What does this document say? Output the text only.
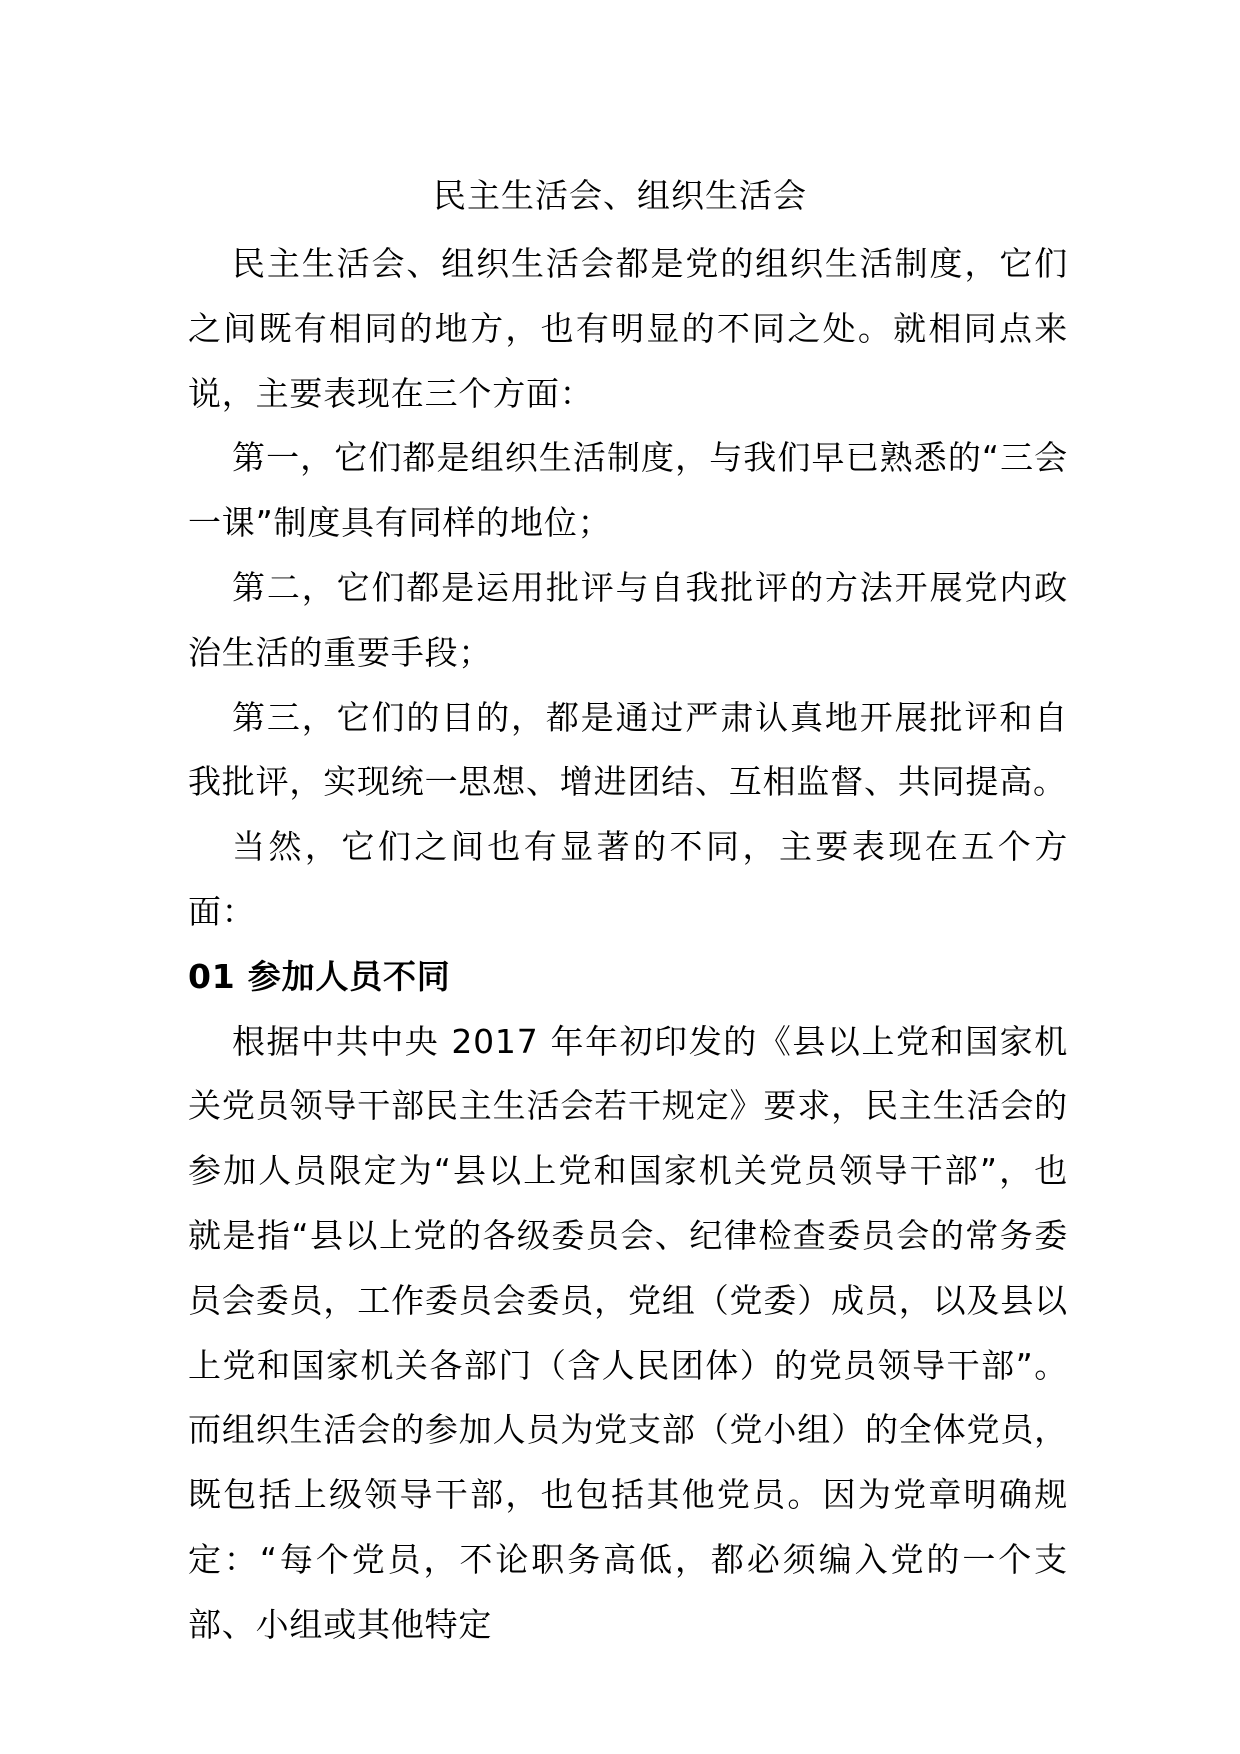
民主生活会、组织生活会

民主生活会、组织生活会都是党的组织生活制度，它们之间既有相同的地方，也有明显的不同之处。就相同点来说，主要表现在三个方面：

第一，它们都是组织生活制度，与我们早已熟悉的“三会一课”制度具有同样的地位；

第二，它们都是运用批评与自我批评的方法开展党内政治生活的重要手段；

第三，它们的目的，都是通过严肃认真地开展批评和自我批评，实现统一思想、增进团结、互相监督、共同提高。

当然，它们之间也有显著的不同，主要表现在五个方面：

01 参加人员不同

根据中共中央 2017 年年初印发的《县以上党和国家机关党员领导干部民主生活会若干规定》要求，民主生活会的参加人员限定为“县以上党和国家机关党员领导干部”，也就是指“县以上党的各级委员会、纪律检查委员会的常务委员会委员，工作委员会委员，党组（党委）成员，以及县以上党和国家机关各部门（含人民团体）的党员领导干部”。而组织生活会的参加人员为党支部（党小组）的全体党员，既包括上级领导干部，也包括其他党员。因为党章明确规定：“每个党员，不论职务高低，都必须编入党的一个支部、小组或其他特定
